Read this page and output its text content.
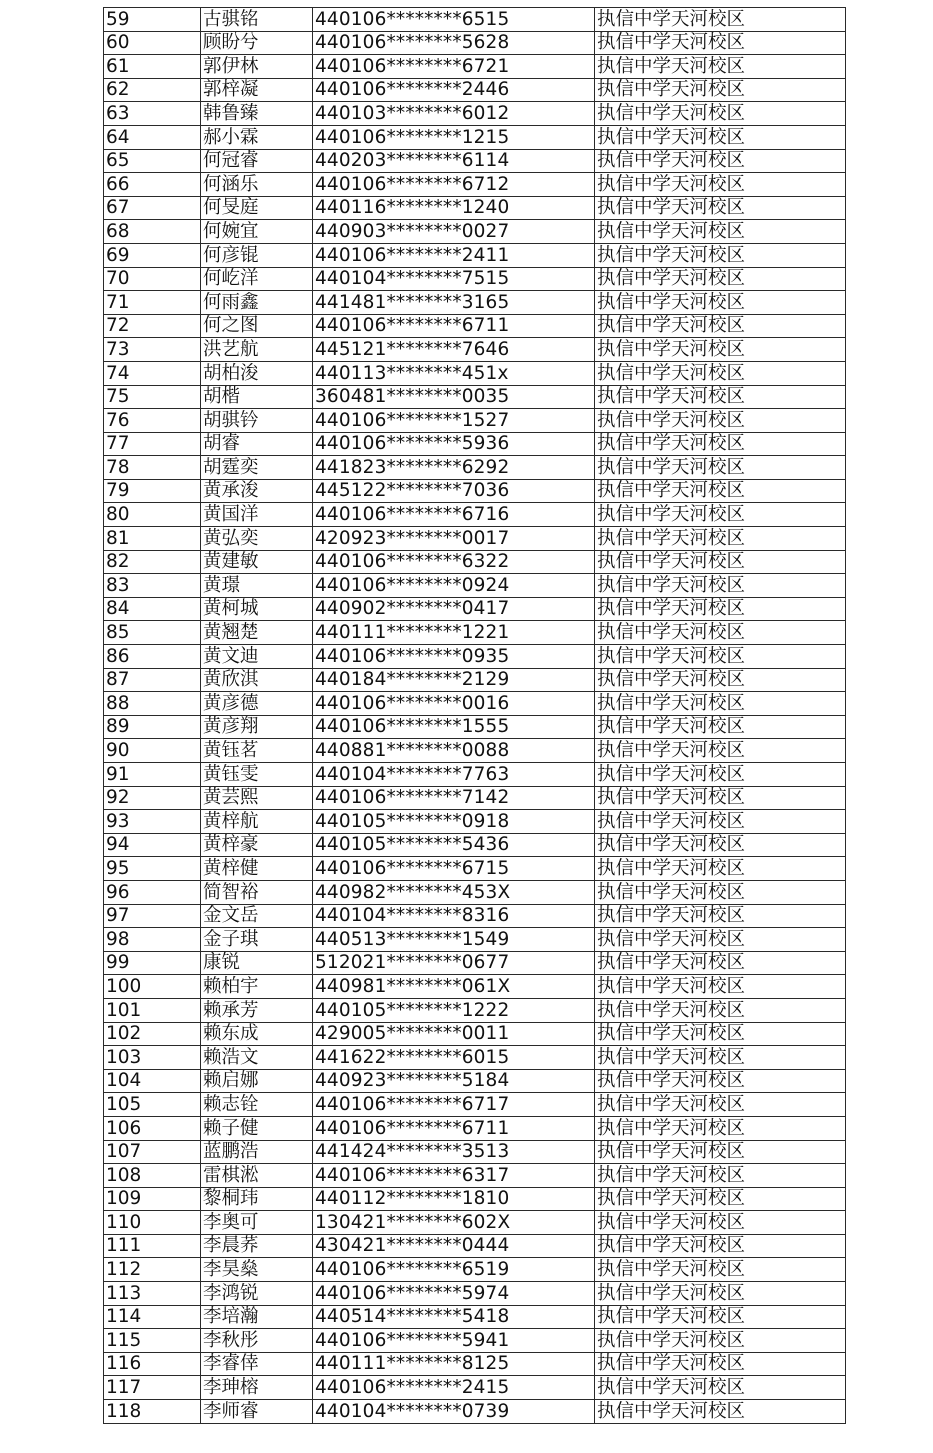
59	古骐铭	440106********6515	执信中学天河校区
60	顾盼兮	440106********5628	执信中学天河校区
61	郭伊林	440106********6721	执信中学天河校区
62	郭梓凝	440106********2446	执信中学天河校区
63	韩鲁臻	440103********6012	执信中学天河校区
64	郝小霖	440106********1215	执信中学天河校区
65	何冠睿	440203********6114	执信中学天河校区
66	何涵乐	440106********6712	执信中学天河校区
67	何旻庭	440116********1240	执信中学天河校区
68	何婉宜	440903********0027	执信中学天河校区
69	何彦锟	440106********2411	执信中学天河校区
70	何屹洋	440104********7515	执信中学天河校区
71	何雨鑫	441481********3165	执信中学天河校区
72	何之图	440106********6711	执信中学天河校区
73	洪艺航	445121********7646	执信中学天河校区
74	胡柏浚	440113********451x	执信中学天河校区
75	胡楷	360481********0035	执信中学天河校区
76	胡骐钤	440106********1527	执信中学天河校区
77	胡睿	440106********5936	执信中学天河校区
78	胡霆奕	441823********6292	执信中学天河校区
79	黄承浚	445122********7036	执信中学天河校区
80	黄国洋	440106********6716	执信中学天河校区
81	黄弘奕	420923********0017	执信中学天河校区
82	黄建敏	440106********6322	执信中学天河校区
83	黄璟	440106********0924	执信中学天河校区
84	黄柯城	440902********0417	执信中学天河校区
85	黄翘楚	440111********1221	执信中学天河校区
86	黄文迪	440106********0935	执信中学天河校区
87	黄欣淇	440184********2129	执信中学天河校区
88	黄彦德	440106********0016	执信中学天河校区
89	黄彦翔	440106********1555	执信中学天河校区
90	黄钰茗	440881********0088	执信中学天河校区
91	黄钰雯	440104********7763	执信中学天河校区
92	黄芸熙	440106********7142	执信中学天河校区
93	黄梓航	440105********0918	执信中学天河校区
94	黄梓豪	440105********5436	执信中学天河校区
95	黄梓健	440106********6715	执信中学天河校区
96	简智裕	440982********453X	执信中学天河校区
97	金文岳	440104********8316	执信中学天河校区
98	金子琪	440513********1549	执信中学天河校区
99	康锐	512021********0677	执信中学天河校区
100	赖柏宇	440981********061X	执信中学天河校区
101	赖承芳	440105********1222	执信中学天河校区
102	赖东成	429005********0011	执信中学天河校区
103	赖浩文	441622********6015	执信中学天河校区
104	赖启娜	440923********5184	执信中学天河校区
105	赖志铨	440106********6717	执信中学天河校区
106	赖子健	440106********6711	执信中学天河校区
107	蓝鹏浩	441424********3513	执信中学天河校区
108	雷棋淞	440106********6317	执信中学天河校区
109	黎桐玮	440112********1810	执信中学天河校区
110	李奥可	130421********602X	执信中学天河校区
111	李晨荞	430421********0444	执信中学天河校区
112	李昊燊	440106********6519	执信中学天河校区
113	李鸿锐	440106********5974	执信中学天河校区
114	李培瀚	440514********5418	执信中学天河校区
115	李秋彤	440106********5941	执信中学天河校区
116	李睿倖	440111********8125	执信中学天河校区
117	李珅榕	440106********2415	执信中学天河校区
118	李师睿	440104********0739	执信中学天河校区
